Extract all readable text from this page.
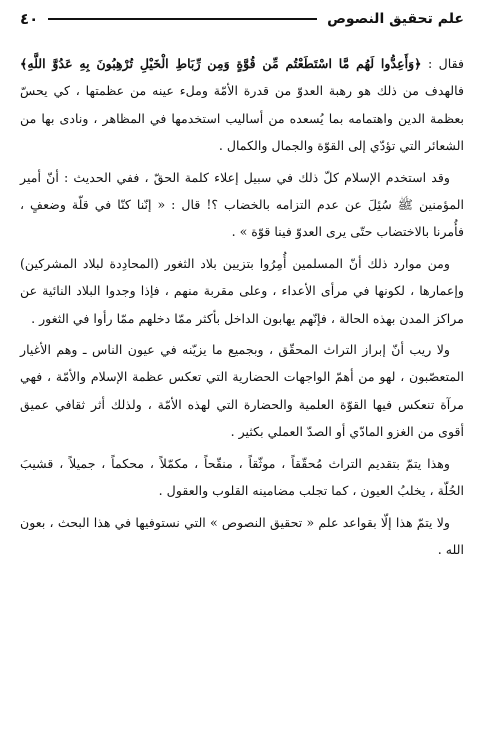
علم تحقيق النصوص
٤٠

فقال : ﴿وَأَعِدُّوا لَهُم مَّا اسْتَطَعْتُم مِّن قُوَّةٍ وَمِن رِّبَاطِ الْخَيْلِ تُرْهِبُونَ بِهِ عَدُوَّ اللَّهِ﴾ فالهدف من ذلك هو رهبة العدوّ من قدرة الأمّة وملء عينه من عظمتها ، كي يحسّ بعظمة الدين واهتمامه بما يُسعده من أساليب استخدمها في المظاهر ، ونادى بها من الشعائر التي تؤدّي إلى القوّة والجمال والكمال .

وقد استخدم الإسلام كلّ ذلك في سبيل إعلاء كلمة الحقّ ، ففي الحديث : أنّ أمير المؤمنين ﷺ سُئِلَ عن عدم التزامه بالخضاب ؟! قال : « إنّنا كنّا في قلّة وضعفٍ ، فأُمرنا بالاختضاب حتّى يرى العدوّ فينا قوّة » .

ومن موارد ذلك أنّ المسلمين أُمِرُوا بتزيين بلاد الثغور (المحادِدة لبلاد المشركين) وإعمارها ، لكونها في مرأى الأعداء ، وعلى مقربة منهم ، فإذا وجدوا البلاد النائية عن مراكز المدن بهذه الحالة ، فإنّهم يهابون الداخل بأكثر ممّا دخلهم ممّا رأوا في الثغور .

ولا ريب أنّ إبراز التراث المحقّق ، وبجميع ما يزيّنه في عيون الناس ـ وهم الأغيار المتعصّبون ، لهو من أهمّ الواجهات الحضارية التي تعكس عظمة الإسلام والأمّة ، فهي مرآة تنعكس فيها القوّة العلمية والحضارة التي لهذه الأمّة ، ولذلك أثر ثقافي عميق أقوى من الغزو المادّي أو الصدّ العملي بكثير .

وهذا يتمّ بتقديم التراث مُحقّقاً ، موثّقاً ، منقّحاً ، مكمّلاً ، محكماً ، جميلاً ، قشيبَ الحُلّة ، يخلبُ العيون ، كما تجلب مضامينه القلوب والعقول .

ولا يتمّ هذا إلّا بقواعد علم « تحقيق النصوص » التي نستوفيها في هذا البحث ، بعون الله .
